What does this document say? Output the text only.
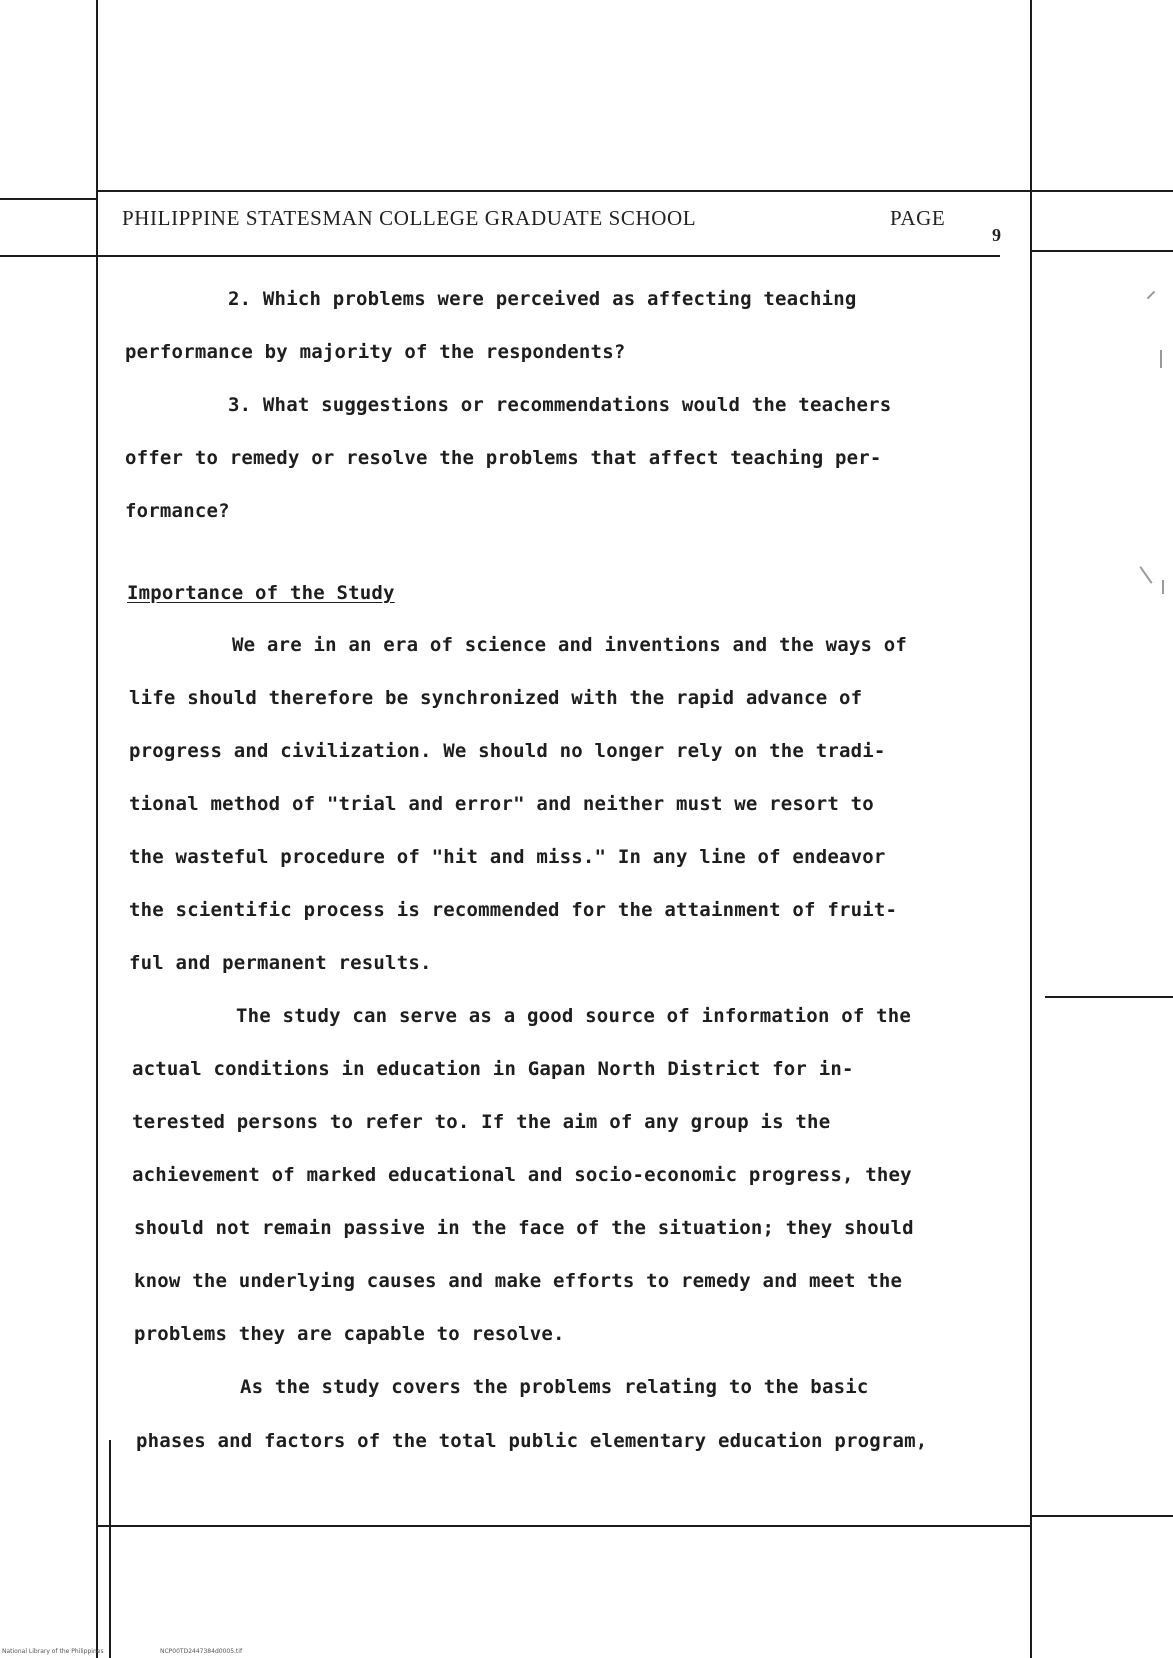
PHILIPPINE STATESMAN COLLEGE GRADUATE SCHOOL	PAGE
9
2. Which problems were perceived as affecting teaching
performance by majority of the respondents?
3. What suggestions or recommendations would the teachers
offer to remedy or resolve the problems that affect teaching per-
formance?
Importance of the Study
We are in an era of science and inventions and the ways of
life should therefore be synchronized with the rapid advance of
progress and civilization. We should no longer rely on the tradi-
tional method of "trial and error" and neither must we resort to
the wasteful procedure of "hit and miss." In any line of endeavor
the scientific process is recommended for the attainment of fruit-
ful and permanent results.
The study can serve as a good source of information of the
actual conditions in education in Gapan North District for in-
terested persons to refer to. If the aim of any group is the
achievement of marked educational and socio-economic progress, they
should not remain passive in the face of the situation; they should
know the underlying causes and make efforts to remedy and meet the
problems they are capable to resolve.
As the study covers the problems relating to the basic
phases and factors of the total public elementary education program,
National Library of the Philippines	NCP00TD2447384d0005.tif
